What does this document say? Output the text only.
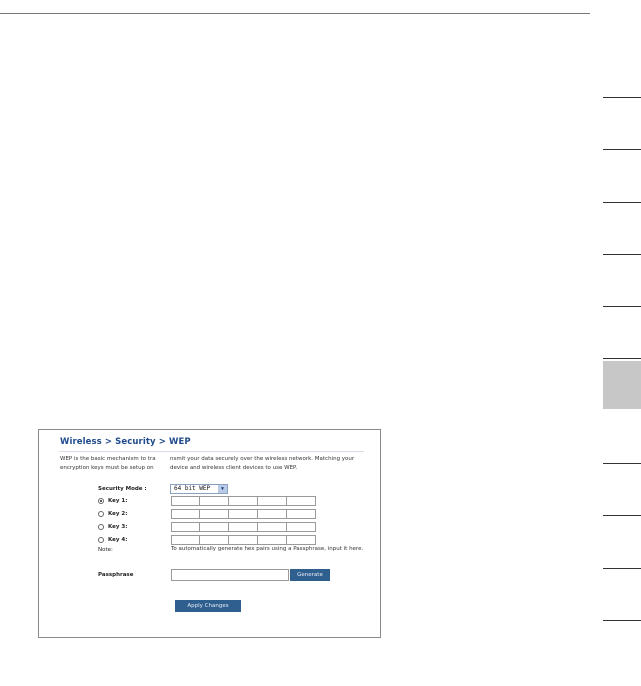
Wireless > Security > WEP
WEP is the basic mechanism to tra encryption keys must be setup on
nsmit your data securely over the wireless network. Matching your device and wireless client devices to use WEP.
Security Mode :	64 bit WEP	▼
Key 1:
Key 2:
Key 3:
Key 4:
Note:	To automatically generate hex pairs using a Passphrase, input it here.
Passphrase	Generate
Apply Changes
